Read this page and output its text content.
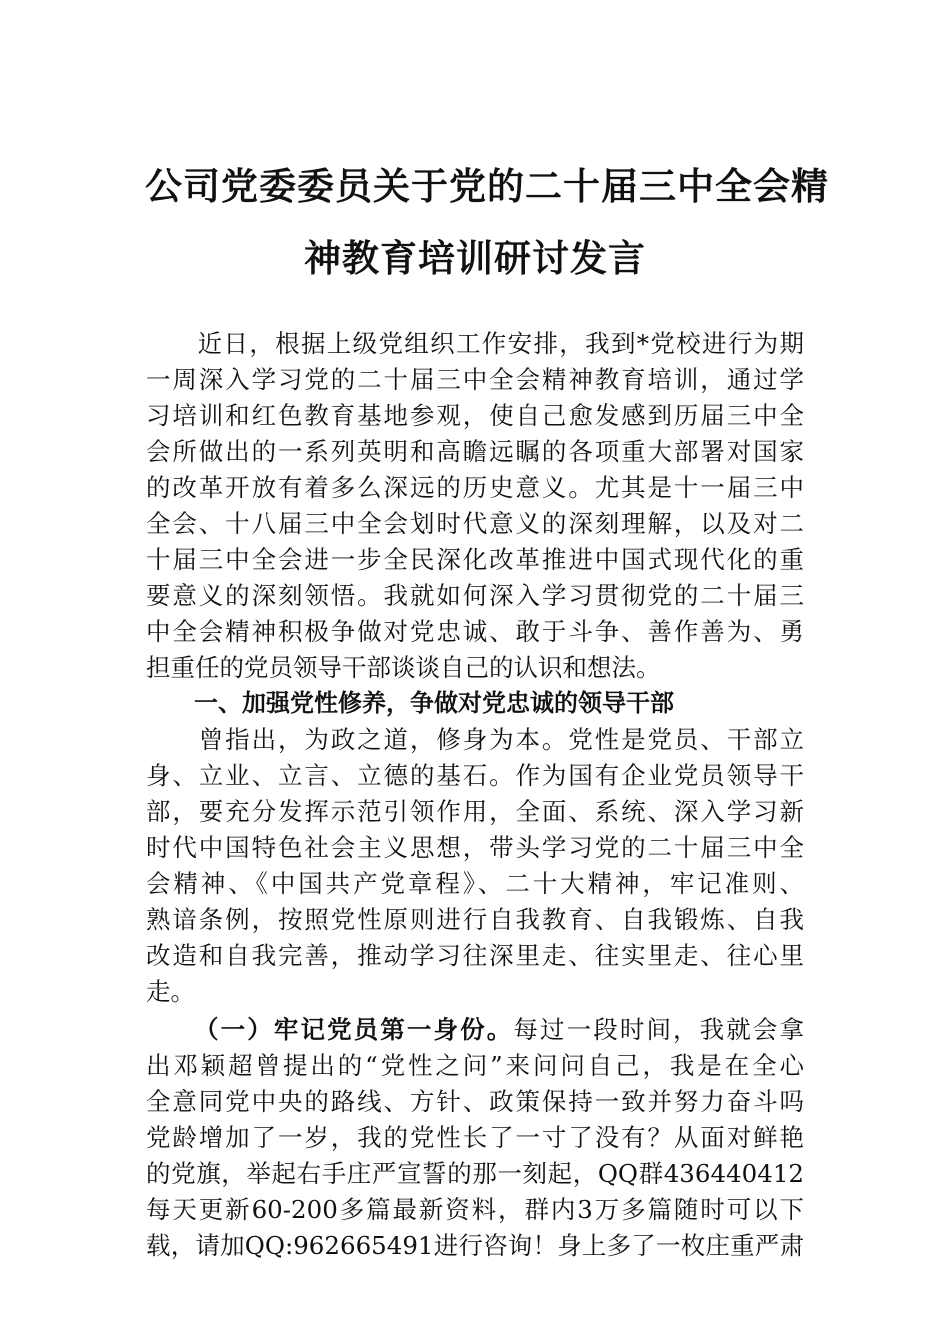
公司党委委员关于党的二十届三中全会精
神教育培训研讨发言
　　近日，根据上级党组织工作安排，我到*党校进行为期
一周深入学习党的二十届三中全会精神教育培训，通过学
习培训和红色教育基地参观，使自己愈发感到历届三中全
会所做出的一系列英明和高瞻远瞩的各项重大部署对国家
的改革开放有着多么深远的历史意义。尤其是十一届三中
全会、十八届三中全会划时代意义的深刻理解，以及对二
十届三中全会进一步全民深化改革推进中国式现代化的重
要意义的深刻领悟。我就如何深入学习贯彻党的二十届三
中全会精神积极争做对党忠诚、敢于斗争、善作善为、勇
担重任的党员领导干部谈谈自己的认识和想法。
一、加强党性修养，争做对党忠诚的领导干部
　　曾指出，为政之道，修身为本。党性是党员、干部立
身、立业、立言、立德的基石。作为国有企业党员领导干
部，要充分发挥示范引领作用，全面、系统、深入学习新
时代中国特色社会主义思想，带头学习党的二十届三中全
会精神、《中国共产党章程》、二十大精神，牢记准则、
熟谙条例，按照党性原则进行自我教育、自我锻炼、自我
改造和自我完善，推动学习往深里走、往实里走、往心里
走。
（一）牢记党员第一身份。每过一段时间，我就会拿
出邓颖超曾提出的“党性之问”来问问自己，我是在全心
全意同党中央的路线、方针、政策保持一致并努力奋斗吗
党龄增加了一岁，我的党性长了一寸了没有？从面对鲜艳
的党旗，举起右手庄严宣誓的那一刻起，QQ群436440412
每天更新60-200多篇最新资料，群内3万多篇随时可以下
载，请加QQ:962665491进行咨询！身上多了一枚庄重严肃
